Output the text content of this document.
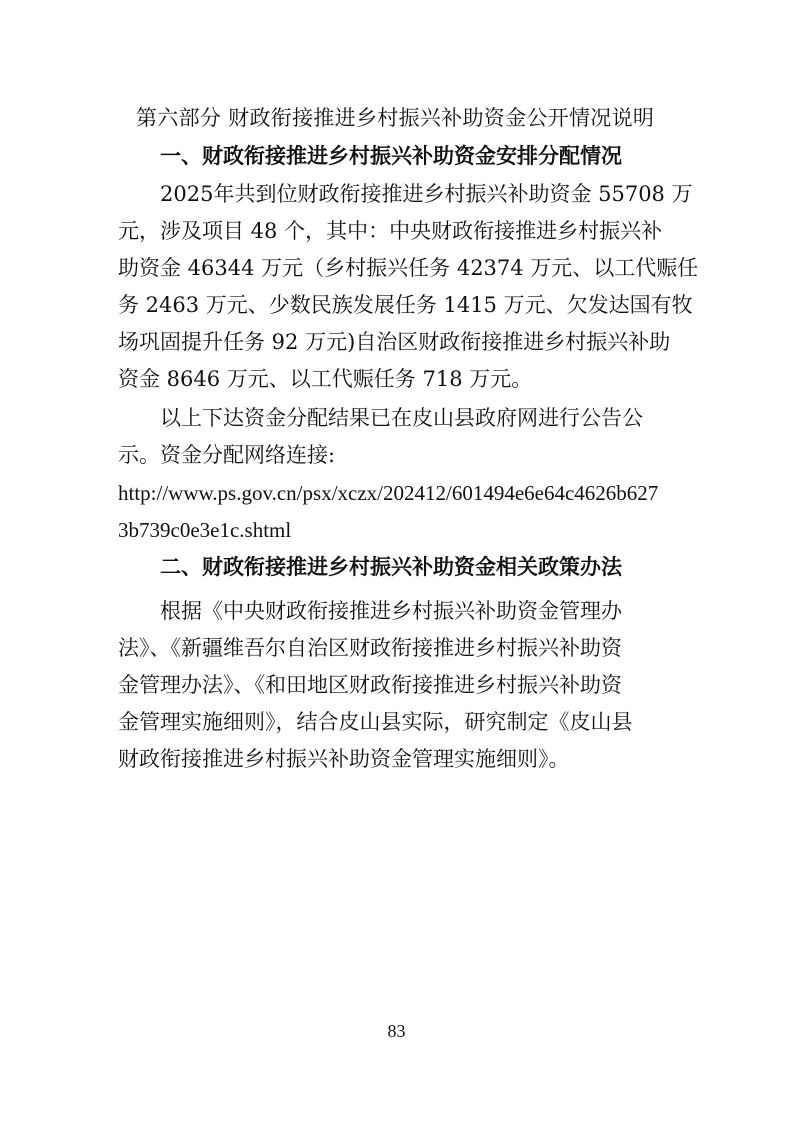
第六部分 财政衔接推进乡村振兴补助资金公开情况说明
一、财政衔接推进乡村振兴补助资金安排分配情况
2025年共到位财政衔接推进乡村振兴补助资金 55708 万
元，涉及项目 48 个，其中：中央财政衔接推进乡村振兴补
助资金 46344 万元（乡村振兴任务 42374 万元、以工代赈任
务 2463 万元、少数民族发展任务 1415 万元、欠发达国有牧
场巩固提升任务 92 万元)自治区财政衔接推进乡村振兴补助
资金 8646 万元、以工代赈任务 718 万元。
以上下达资金分配结果已在皮山县政府网进行公告公
示。资金分配网络连接:
http://www.ps.gov.cn/psx/xczx/202412/601494e6e64c4626b627
3b739c0e3e1c.shtml
二、财政衔接推进乡村振兴补助资金相关政策办法
根据《中央财政衔接推进乡村振兴补助资金管理办
法》、《新疆维吾尔自治区财政衔接推进乡村振兴补助资
金管理办法》、《和田地区财政衔接推进乡村振兴补助资
金管理实施细则》，结合皮山县实际，研究制定《皮山县
财政衔接推进乡村振兴补助资金管理实施细则》。
83
